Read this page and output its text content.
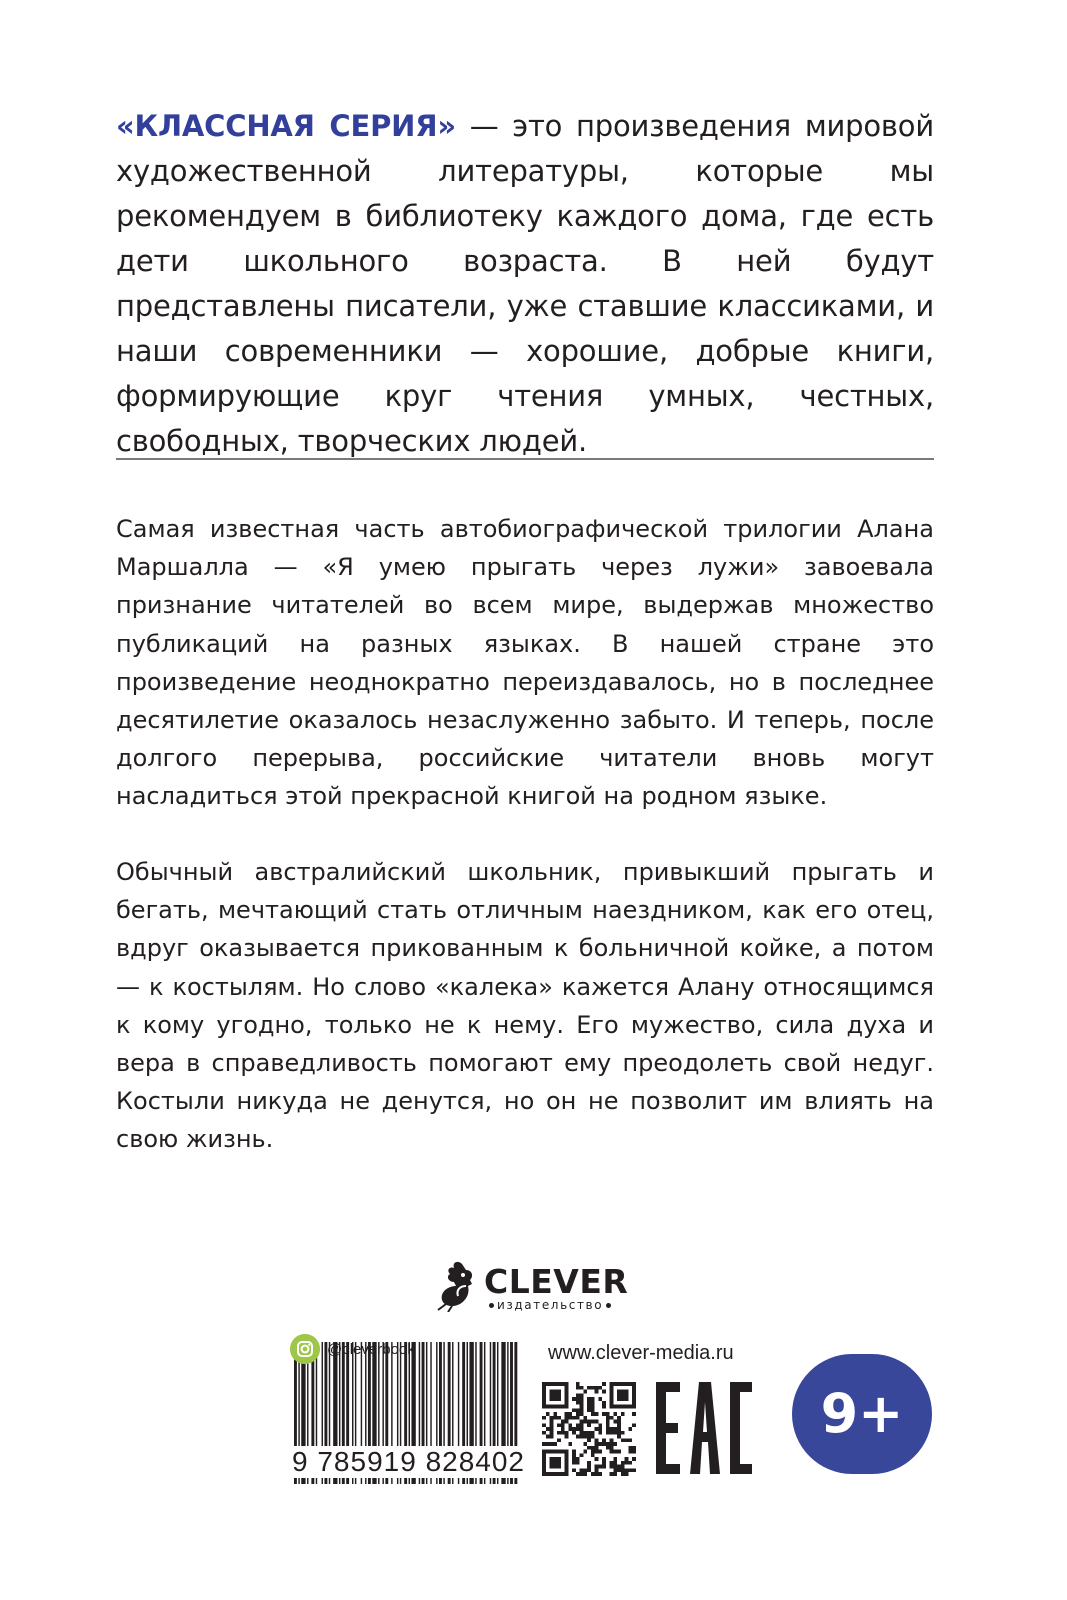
«КЛАССНАЯ СЕРИЯ» — это произведения мировой художественной литературы, которые мы рекомендуем в библиотеку каждого дома, где есть дети школьного возраста. В ней будут представлены писатели, уже ставшие классиками, и наши современники — хорошие, добрые книги, формирующие круг чтения умных, честных, свободных, творческих людей.

Самая известная часть автобиографической трилогии Алана Маршалла — «Я умею прыгать через лужи» завоевала признание читателей во всем мире, выдержав множество публикаций на разных языках. В нашей стране это произведение неоднократно переиздавалось, но в последнее десятилетие оказалось незаслуженно забыто. И теперь, после долгого перерыва, российские читатели вновь могут насладиться этой прекрасной книгой на родном языке.

Обычный австралийский школьник, привыкший прыгать и бегать, мечтающий стать отличным наездником, как его отец, вдруг оказывается прикованным к больничной койке, а потом — к костылям. Но слово «калека» кажется Алану относящимся к кому угодно, только не к нему. Его мужество, сила духа и вера в справедливость помогают ему преодолеть свой недуг. Костыли никуда не денутся, но он не позволит им влиять на свою жизнь.

CLEVER
издательство
9 785919 828402
@cleverbook	www.clever-media.ru
9+
